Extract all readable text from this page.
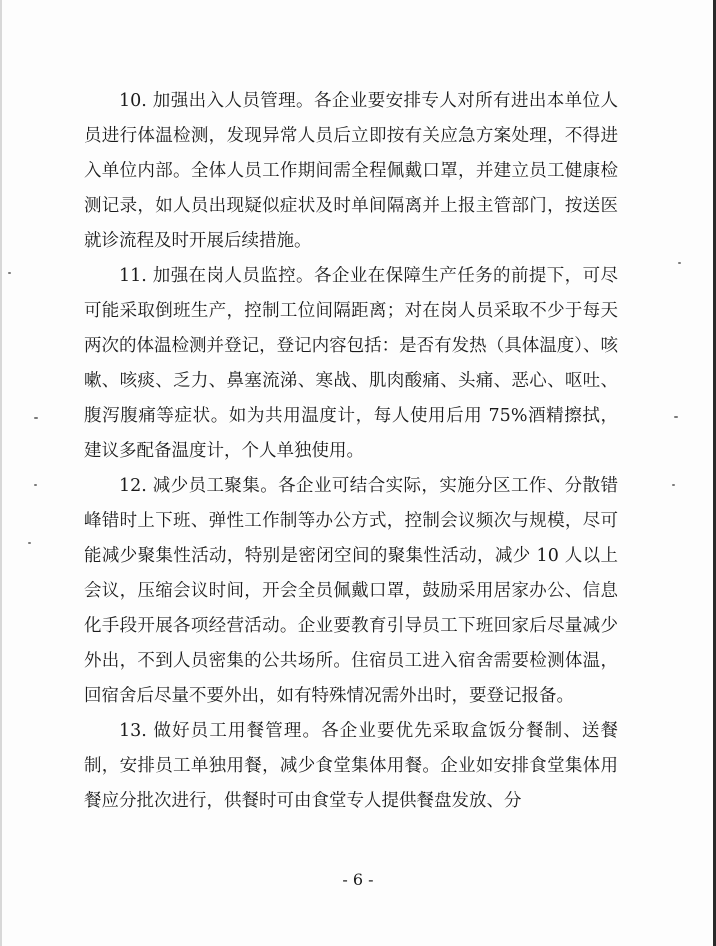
10. 加强出入人员管理。各企业要安排专人对所有进出本单位人员进行体温检测，发现异常人员后立即按有关应急方案处理，不得进入单位内部。全体人员工作期间需全程佩戴口罩，并建立员工健康检测记录，如人员出现疑似症状及时单间隔离并上报主管部门，按送医就诊流程及时开展后续措施。

11. 加强在岗人员监控。各企业在保障生产任务的前提下，可尽可能采取倒班生产，控制工位间隔距离；对在岗人员采取不少于每天两次的体温检测并登记，登记内容包括：是否有发热（具体温度）、咳嗽、咳痰、乏力、鼻塞流涕、寒战、肌肉酸痛、头痛、恶心、呕吐、腹泻腹痛等症状。如为共用温度计，每人使用后用 75%酒精擦拭，建议多配备温度计，个人单独使用。

12. 减少员工聚集。各企业可结合实际，实施分区工作、分散错峰错时上下班、弹性工作制等办公方式，控制会议频次与规模，尽可能减少聚集性活动，特别是密闭空间的聚集性活动，减少 10 人以上会议，压缩会议时间，开会全员佩戴口罩，鼓励采用居家办公、信息化手段开展各项经营活动。企业要教育引导员工下班回家后尽量减少外出，不到人员密集的公共场所。住宿员工进入宿舍需要检测体温，回宿舍后尽量不要外出，如有特殊情况需外出时，要登记报备。

13. 做好员工用餐管理。各企业要优先采取盒饭分餐制、送餐制，安排员工单独用餐，减少食堂集体用餐。企业如安排食堂集体用餐应分批次进行，供餐时可由食堂专人提供餐盘发放、分

- 6 -
